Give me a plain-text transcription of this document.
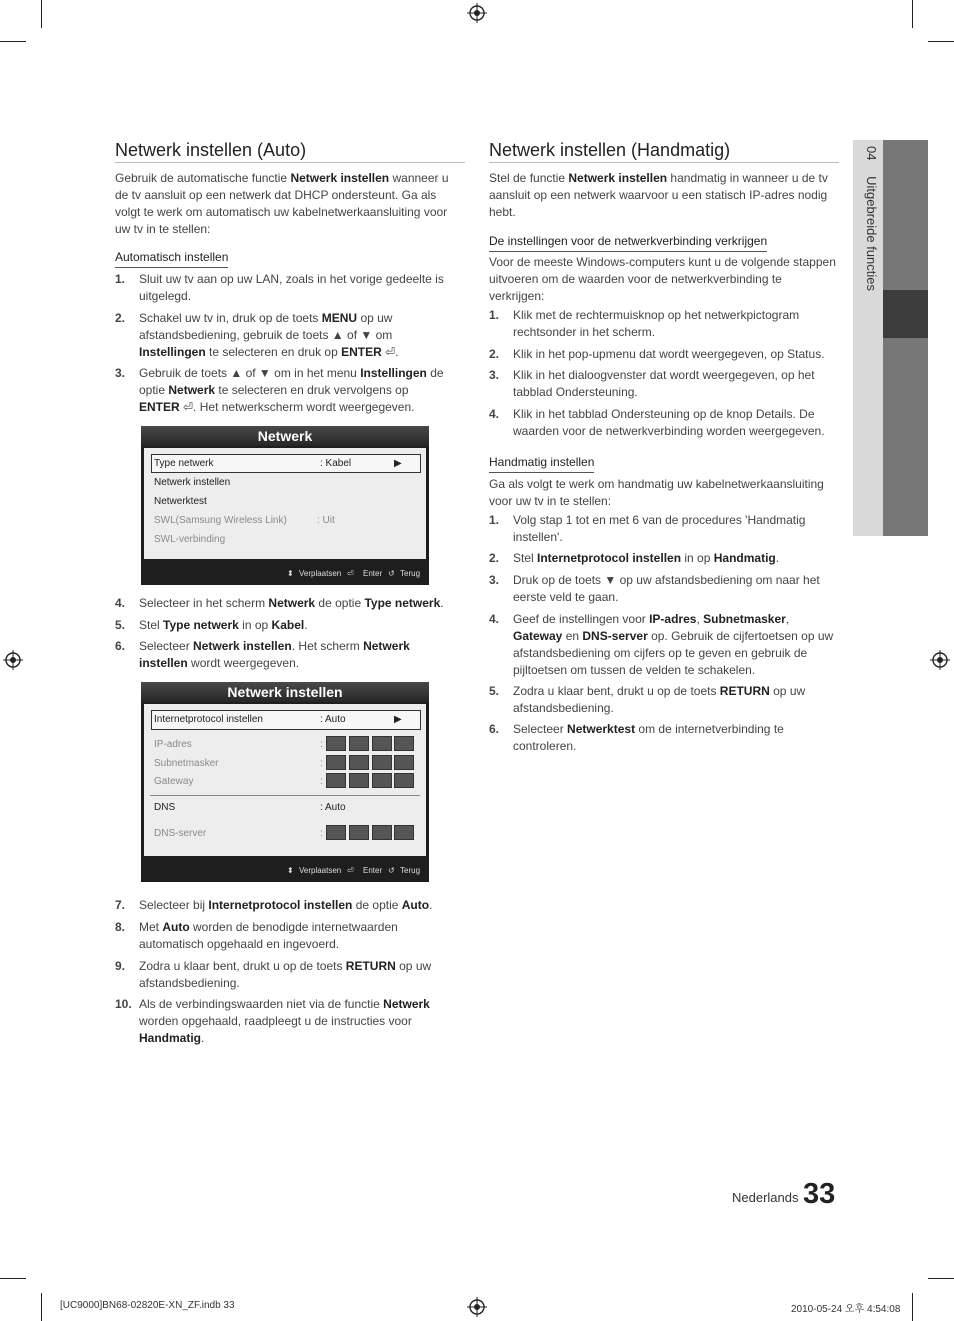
04 Uitgebreide functies
Netwerk instellen (Auto)

Gebruik de automatische functie Netwerk instellen wanneer u de tv aansluit op een netwerk dat DHCP ondersteunt. Ga als volgt te werk om automatisch uw kabelnetwerkaansluiting voor uw tv in te stellen:

Automatisch instellen
1. Sluit uw tv aan op uw LAN, zoals in het vorige gedeelte is uitgelegd.
2. Schakel uw tv in, druk op de toets MENU op uw afstandsbediening, gebruik de toets ▲ of ▼ om Instellingen te selecteren en druk op ENTER ⏎.
3. Gebruik de toets ▲ of ▼ om in het menu Instellingen de optie Netwerk te selecteren en druk vervolgens op ENTER ⏎. Het netwerkscherm wordt weergegeven.
Netwerk
Type netwerk	: Kabel	▶
Netwerk instellen
Netwerktest
SWL(Samsung Wireless Link)	: Uit
SWL-verbinding
⬍ Verplaatsen ⏎ Enter ↺ Terug
4. Selecteer in het scherm Netwerk de optie Type netwerk.
5. Stel Type netwerk in op Kabel.
6. Selecteer Netwerk instellen. Het scherm Netwerk instellen wordt weergegeven.
Netwerk instellen
Internetprotocol instellen	: Auto	▶
IP-adres	:
Subnetmasker	:
Gateway	:
DNS	: Auto
DNS-server	:
⬍ Verplaatsen ⏎ Enter ↺ Terug
7. Selecteer bij Internetprotocol instellen de optie Auto.
8. Met Auto worden de benodigde internetwaarden automatisch opgehaald en ingevoerd.
9. Zodra u klaar bent, drukt u op de toets RETURN op uw afstandsbediening.
10. Als de verbindingswaarden niet via de functie Netwerk worden opgehaald, raadpleegt u de instructies voor Handmatig.
Netwerk instellen (Handmatig)

Stel de functie Netwerk instellen handmatig in wanneer u de tv aansluit op een netwerk waarvoor u een statisch IP-adres nodig hebt.

De instellingen voor de netwerkverbinding verkrijgen

Voor de meeste Windows-computers kunt u de volgende stappen uitvoeren om de waarden voor de netwerkverbinding te verkrijgen:

1. Klik met de rechtermuisknop op het netwerkpictogram rechtsonder in het scherm.
2. Klik in het pop-upmenu dat wordt weergegeven, op Status.
3. Klik in het dialoogvenster dat wordt weergegeven, op het tabblad Ondersteuning.
4. Klik in het tabblad Ondersteuning op de knop Details. De waarden voor de netwerkverbinding worden weergegeven.
Handmatig instellen

Ga als volgt te werk om handmatig uw kabelnetwerkaansluiting voor uw tv in te stellen:

1. Volg stap 1 tot en met 6 van de procedures 'Handmatig instellen'.
2. Stel Internetprotocol instellen in op Handmatig.
3. Druk op de toets ▼ op uw afstandsbediening om naar het eerste veld te gaan.
4. Geef de instellingen voor IP-adres, Subnetmasker, Gateway en DNS-server op. Gebruik de cijfertoetsen op uw afstandsbediening om cijfers op te geven en gebruik de pijltoetsen om tussen de velden te schakelen.
5. Zodra u klaar bent, drukt u op de toets RETURN op uw afstandsbediening.
6. Selecteer Netwerktest om de internetverbinding te controleren.
Nederlands 33
[UC9000]BN68-02820E-XN_ZF.indb 33	2010-05-24 오후 4:54:08
